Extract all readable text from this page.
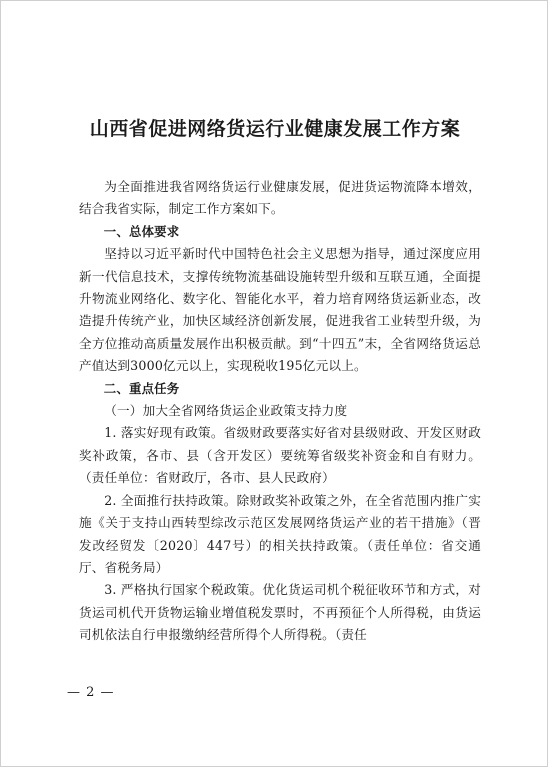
山西省促进网络货运行业健康发展工作方案

为全面推进我省网络货运行业健康发展，促进货运物流降本增效，结合我省实际，制定工作方案如下。

一、总体要求

坚持以习近平新时代中国特色社会主义思想为指导，通过深度应用新一代信息技术，支撑传统物流基础设施转型升级和互联互通，全面提升物流业网络化、数字化、智能化水平，着力培育网络货运新业态，改造提升传统产业，加快区域经济创新发展，促进我省工业转型升级，为全方位推动高质量发展作出积极贡献。到“十四五”末，全省网络货运总产值达到3000亿元以上，实现税收195亿元以上。

二、重点任务

（一）加大全省网络货运企业政策支持力度

1. 落实好现有政策。省级财政要落实好省对县级财政、开发区财政奖补政策，各市、县（含开发区）要统筹省级奖补资金和自有财力。（责任单位：省财政厅，各市、县人民政府）

2. 全面推行扶持政策。除财政奖补政策之外，在全省范围内推广实施《关于支持山西转型综改示范区发展网络货运产业的若干措施》（晋发改经贸发〔2020〕447号）的相关扶持政策。（责任单位：省交通厅、省税务局）

3. 严格执行国家个税政策。优化货运司机个税征收环节和方式，对货运司机代开货物运输业增值税发票时，不再预征个人所得税，由货运司机依法自行申报缴纳经营所得个人所得税。（责任

— 2 —
